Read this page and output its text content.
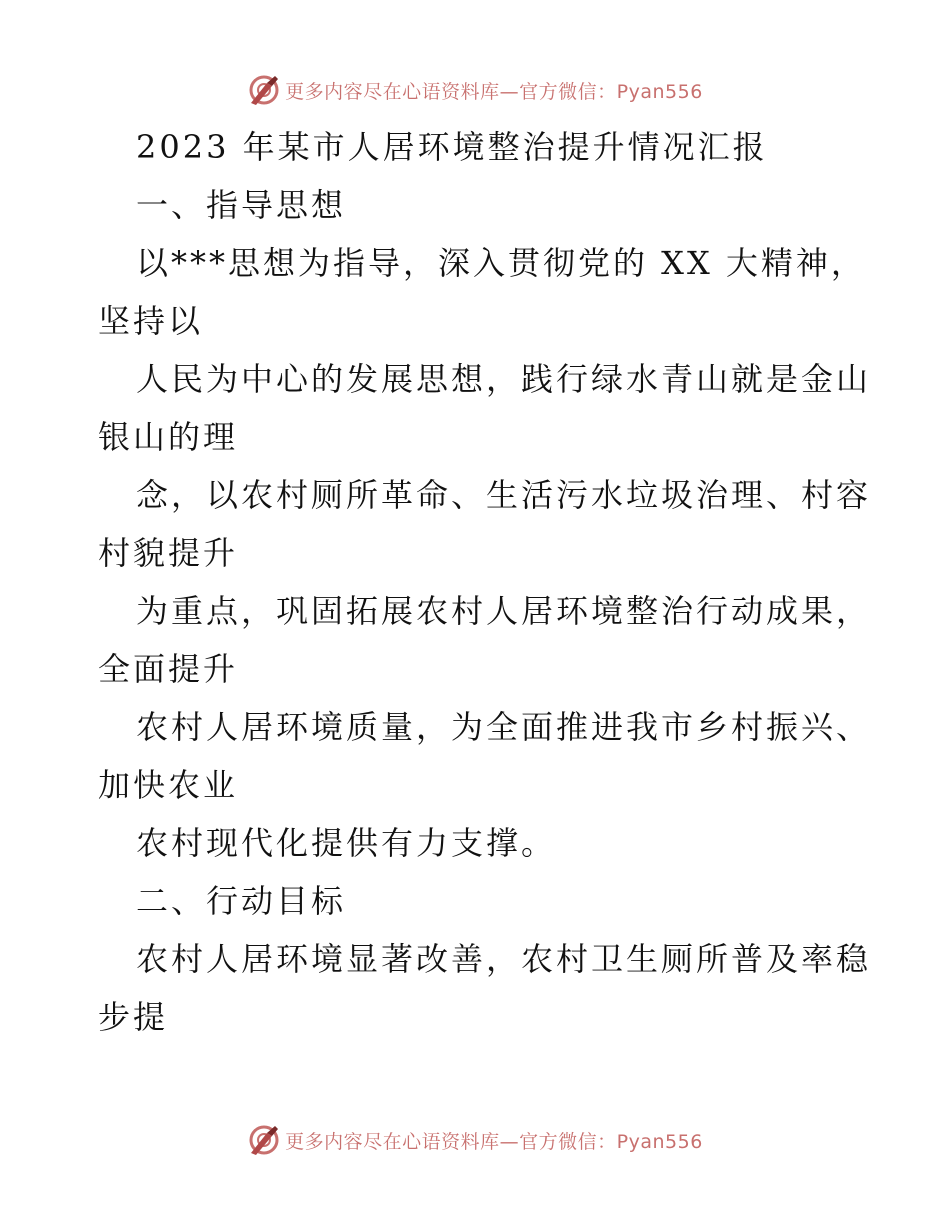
更多内容尽在心语资料库—官方微信：Pyan556
2023 年某市人居环境整治提升情况汇报
一、指导思想
以***思想为指导，深入贯彻党的 XX 大精神，
坚持以
人民为中心的发展思想，践行绿水青山就是金山
银山的理
念，以农村厕所革命、生活污水垃圾治理、村容
村貌提升
为重点，巩固拓展农村人居环境整治行动成果，
全面提升
农村人居环境质量，为全面推进我市乡村振兴、
加快农业
农村现代化提供有力支撑。
二、行动目标
农村人居环境显著改善，农村卫生厕所普及率稳
步提
更多内容尽在心语资料库—官方微信：Pyan556
